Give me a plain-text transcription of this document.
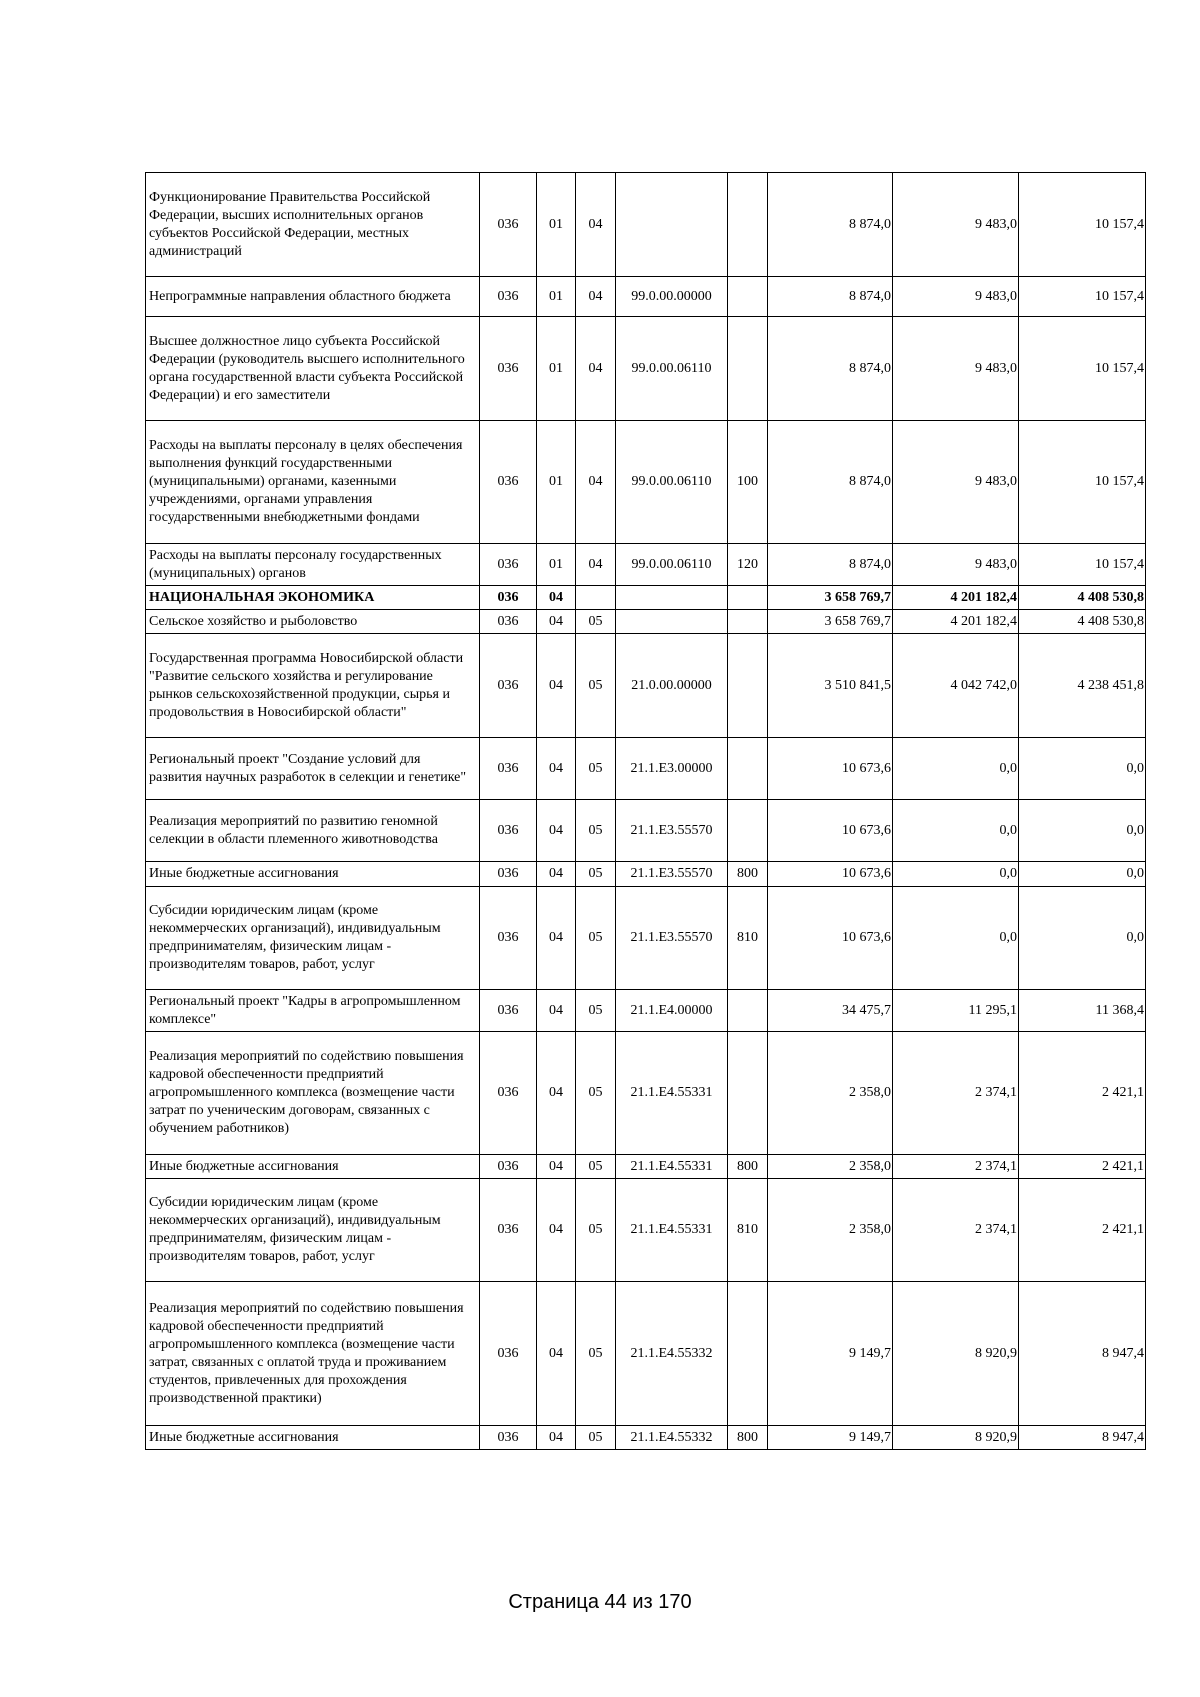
Функционирование Правительства Российской Федерации, высших исполнительных органов субъектов Российской Федерации, местных администраций	036	01	04			8 874,0	9 483,0	10 157,4
Непрограммные направления областного бюджета	036	01	04	99.0.00.00000		8 874,0	9 483,0	10 157,4
Высшее должностное лицо субъекта Российской Федерации (руководитель высшего исполнительного органа государственной власти субъекта Российской Федерации) и его заместители	036	01	04	99.0.00.06110		8 874,0	9 483,0	10 157,4
Расходы на выплаты персоналу в целях обеспечения выполнения функций государственными (муниципальными) органами, казенными учреждениями, органами управления государственными внебюджетными фондами	036	01	04	99.0.00.06110	100	8 874,0	9 483,0	10 157,4
Расходы на выплаты персоналу государственных (муниципальных) органов	036	01	04	99.0.00.06110	120	8 874,0	9 483,0	10 157,4
НАЦИОНАЛЬНАЯ ЭКОНОМИКА	036	04				3 658 769,7	4 201 182,4	4 408 530,8
Сельское хозяйство и рыболовство	036	04	05			3 658 769,7	4 201 182,4	4 408 530,8
Государственная программа Новосибирской области "Развитие сельского хозяйства и регулирование рынков сельскохозяйственной продукции, сырья и продовольствия в Новосибирской области"	036	04	05	21.0.00.00000		3 510 841,5	4 042 742,0	4 238 451,8
Региональный проект "Создание условий для развития научных разработок в селекции и генетике"	036	04	05	21.1.E3.00000		10 673,6	0,0	0,0
Реализация мероприятий по развитию геномной селекции в области племенного животноводства	036	04	05	21.1.E3.55570		10 673,6	0,0	0,0
Иные бюджетные ассигнования	036	04	05	21.1.E3.55570	800	10 673,6	0,0	0,0
Субсидии юридическим лицам (кроме некоммерческих организаций), индивидуальным предпринимателям, физическим лицам - производителям товаров, работ, услуг	036	04	05	21.1.E3.55570	810	10 673,6	0,0	0,0
Региональный проект "Кадры в агропромышленном комплексе"	036	04	05	21.1.E4.00000		34 475,7	11 295,1	11 368,4
Реализация мероприятий по содействию повышения кадровой обеспеченности предприятий агропромышленного комплекса (возмещение части затрат по ученическим договорам, связанных с обучением работников)	036	04	05	21.1.E4.55331		2 358,0	2 374,1	2 421,1
Иные бюджетные ассигнования	036	04	05	21.1.E4.55331	800	2 358,0	2 374,1	2 421,1
Субсидии юридическим лицам (кроме некоммерческих организаций), индивидуальным предпринимателям, физическим лицам - производителям товаров, работ, услуг	036	04	05	21.1.E4.55331	810	2 358,0	2 374,1	2 421,1
Реализация мероприятий по содействию повышения кадровой обеспеченности предприятий агропромышленного комплекса (возмещение части затрат, связанных с оплатой труда и проживанием студентов, привлеченных для прохождения производственной практики)	036	04	05	21.1.E4.55332		9 149,7	8 920,9	8 947,4
Иные бюджетные ассигнования	036	04	05	21.1.E4.55332	800	9 149,7	8 920,9	8 947,4
Страница 44 из 170
